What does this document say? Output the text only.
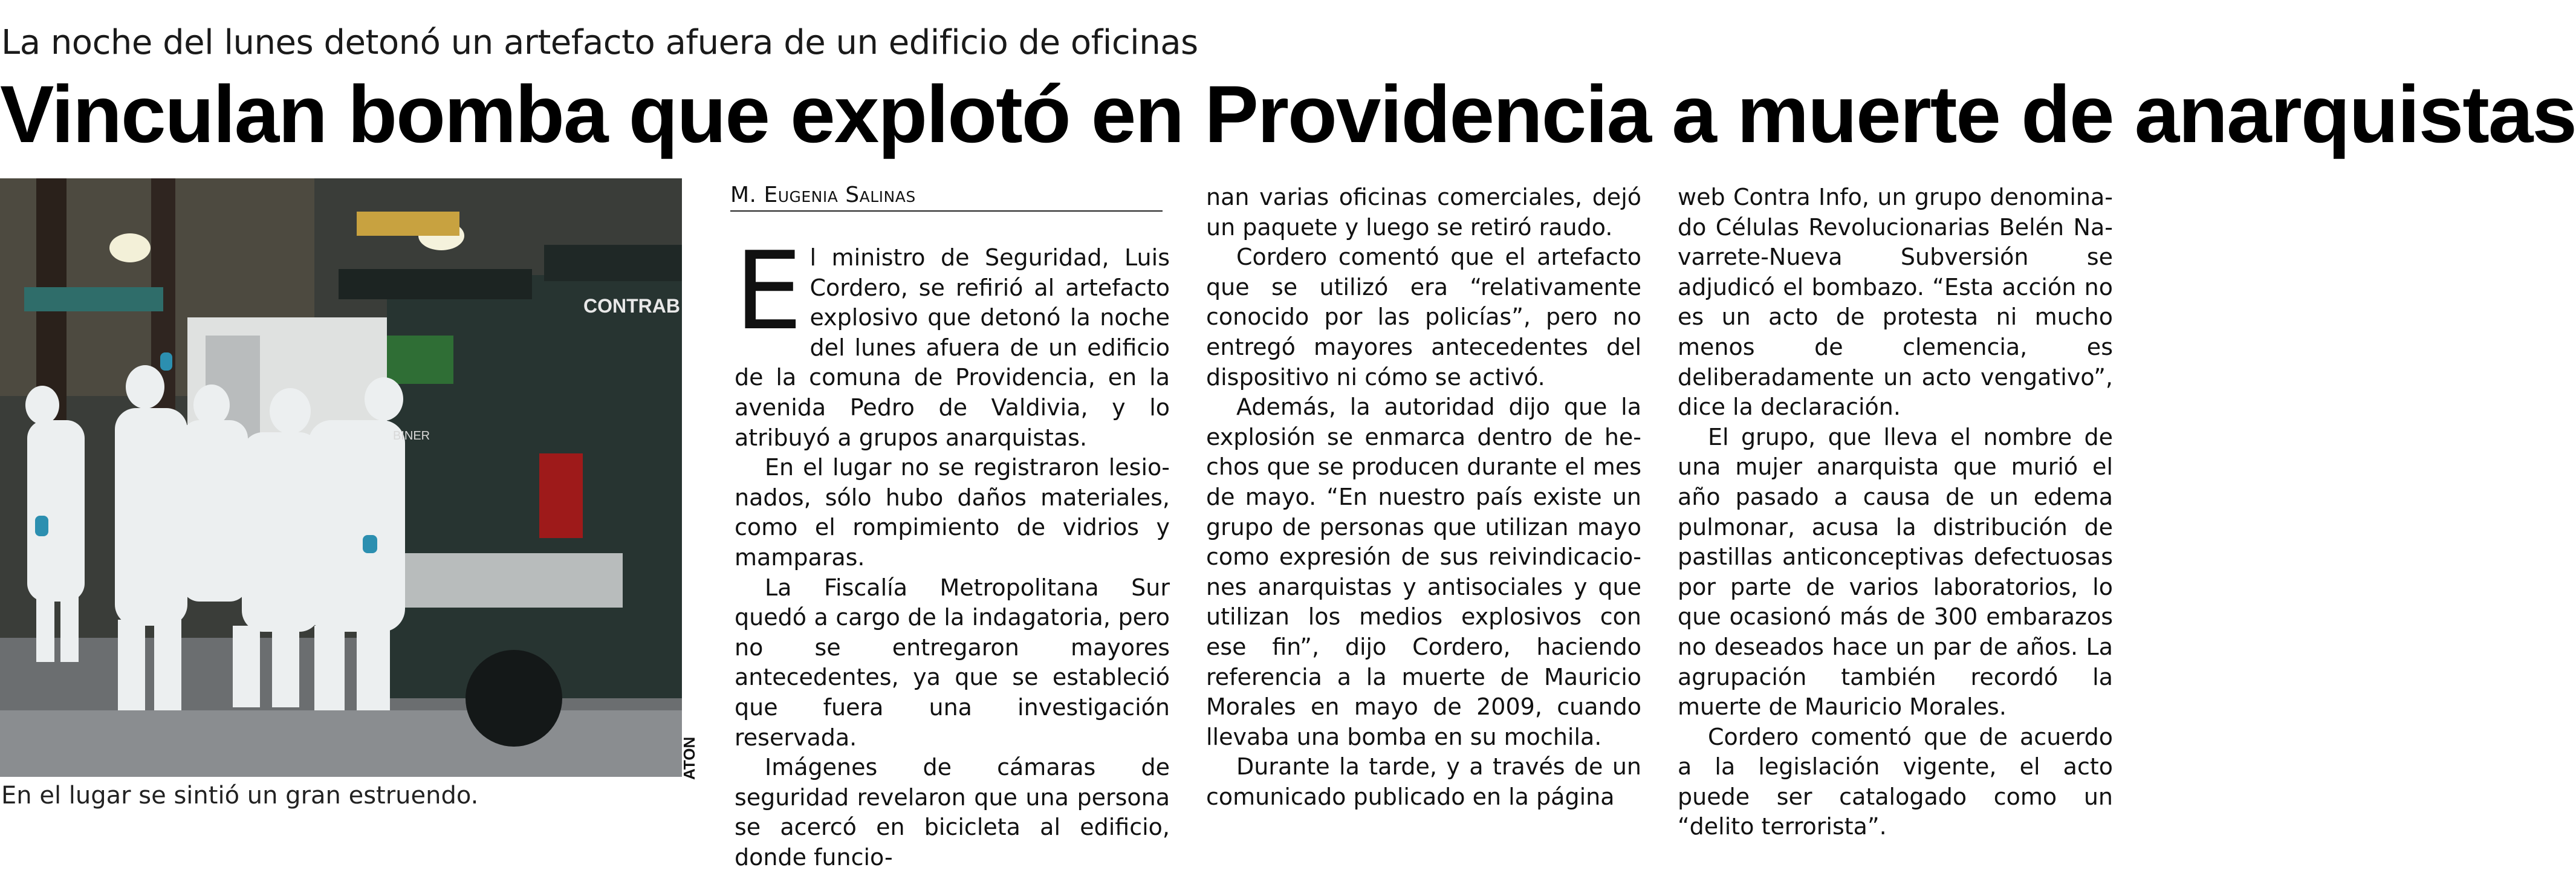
La noche del lunes detonó un artefacto afuera de un edificio de oficinas
Vinculan bomba que explotó en Providencia a muerte de anarquistas
CONTRAB
BINER
ATON
En el lugar se sintió un gran estruendo.
M. Eugenia Salinas

El ministro de Seguridad, Luis Cordero, se refirió al artefacto explosivo que detonó la noche del lunes afuera de un edificio de la comuna de Providencia, en la avenida Pedro de Valdivia, y lo atribuyó a grupos anarquistas.

En el lugar no se registraron lesionados, sólo hubo daños materiales, como el rompimiento de vidrios y mamparas.

La Fiscalía Metropolitana Sur quedó a cargo de la indagatoria, pero no se entregaron mayores antecedentes, ya que se estableció que fuera una investigación reservada.

Imágenes de cámaras de seguridad revelaron que una persona se acercó en bicicleta al edificio, donde funcio-

nan varias oficinas comerciales, dejó un paquete y luego se retiró raudo.

Cordero comentó que el artefacto que se utilizó era “relativamente conocido por las policías”, pero no entregó mayores antecedentes del dispositivo ni cómo se activó.

Además, la autoridad dijo que la explosión se enmarca dentro de hechos que se producen durante el mes de mayo. “En nuestro país existe un grupo de personas que utilizan mayo como expresión de sus reivindicaciones anarquistas y antisociales y que utilizan los medios explosivos con ese fin”, dijo Cordero, haciendo referencia a la muerte de Mauricio Morales en mayo de 2009, cuando llevaba una bomba en su mochila.

Durante la tarde, y a través de un comunicado publicado en la página

web Contra Info, un grupo denominado Células Revolucionarias Belén Navarrete-Nueva Subversión se adjudicó el bombazo. “Esta acción no es un acto de protesta ni mucho menos de clemencia, es deliberadamente un acto vengativo”, dice la declaración.

El grupo, que lleva el nombre de una mujer anarquista que murió el año pasado a causa de un edema pulmonar, acusa la distribución de pastillas anticonceptivas defectuosas por parte de varios laboratorios, lo que ocasionó más de 300 embarazos no deseados hace un par de años. La agrupación también recordó la muerte de Mauricio Morales.

Cordero comentó que de acuerdo a la legislación vigente, el acto puede ser catalogado como un “delito terrorista”.
